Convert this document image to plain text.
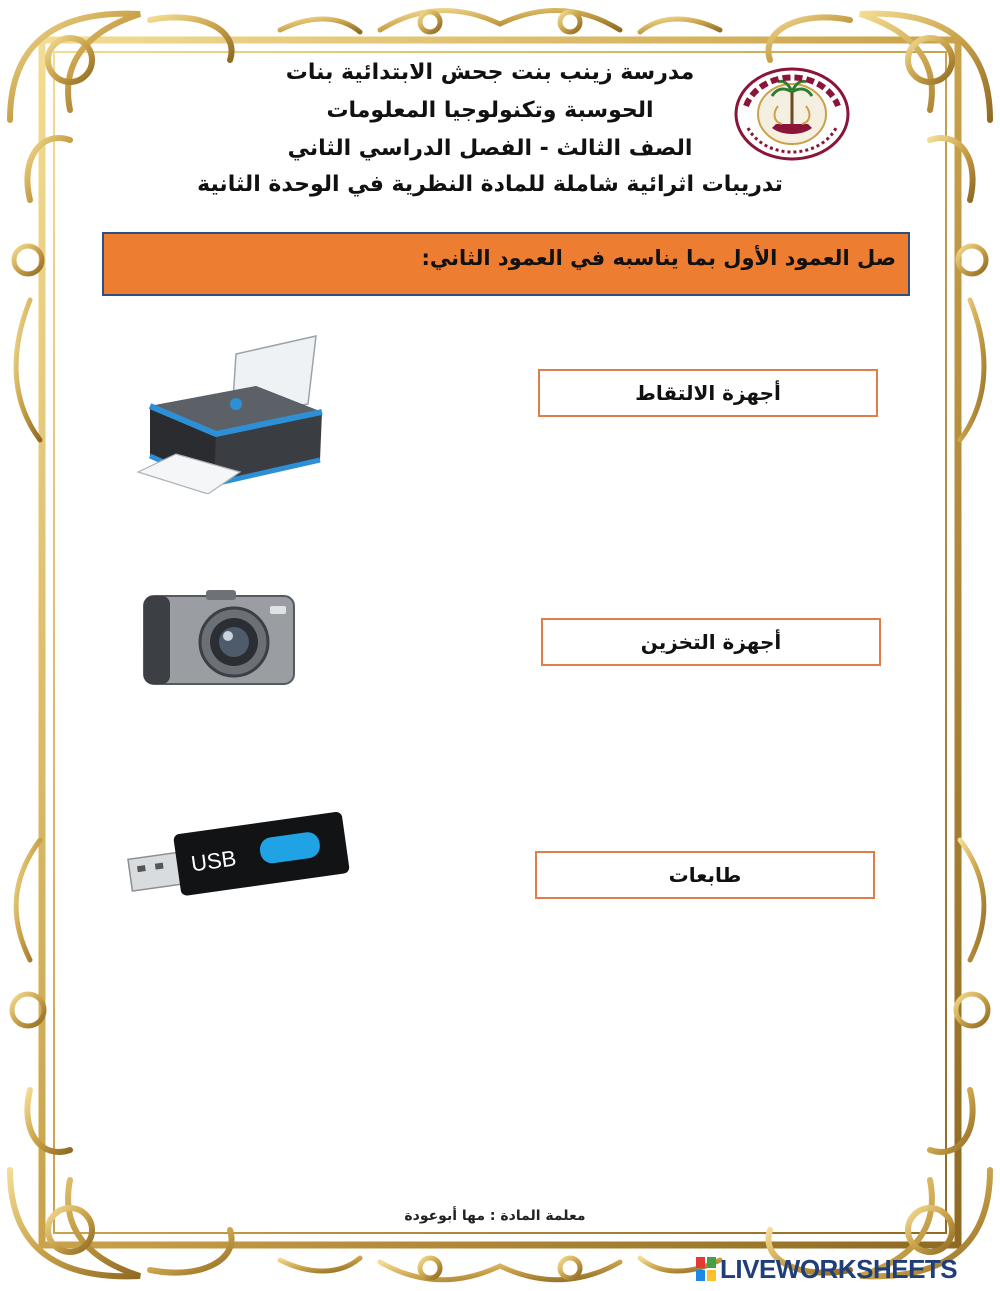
مدرسة زينب بنت جحش الابتدائية بنات
الحوسبة وتكنولوجيا المعلومات
الصف الثالث - الفصل الدراسي الثاني
تدريبات اثرائية شاملة للمادة النظرية في الوحدة الثانية
صل العمود الأول بما يناسبه في العمود الثاني:
USB
أجهزة الالتقاط
أجهزة التخزين
طابعات
معلمة المادة : مها أبوعودة
LIVEWORKSHEETS
